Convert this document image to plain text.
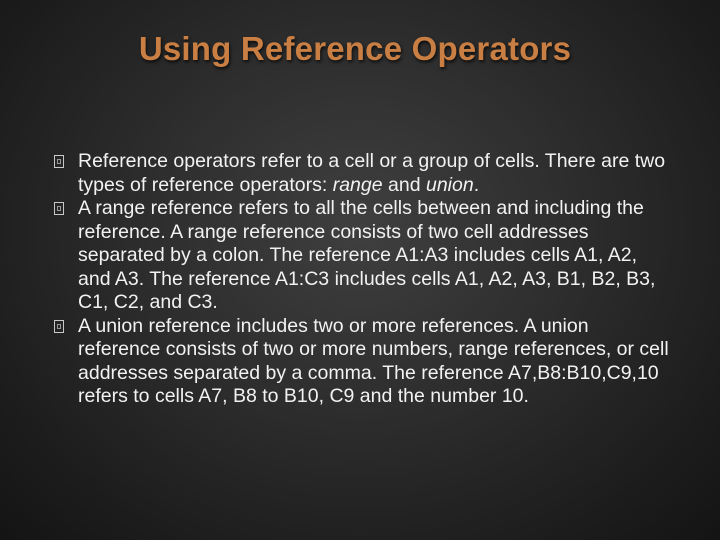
Using Reference Operators
Reference operators refer to a cell or a group of cells. There are two types of reference operators: range and union.
A range reference refers to all the cells between and including the reference. A range reference consists of two cell addresses separated by a colon. The reference A1:A3 includes cells A1, A2, and A3. The reference A1:C3 includes cells A1, A2, A3, B1, B2, B3, C1, C2, and C3.
A union reference includes two or more references. A union reference consists of two or more numbers, range references, or cell addresses separated by a comma. The reference A7,B8:B10,C9,10 refers to cells A7, B8 to B10, C9 and the number 10.
